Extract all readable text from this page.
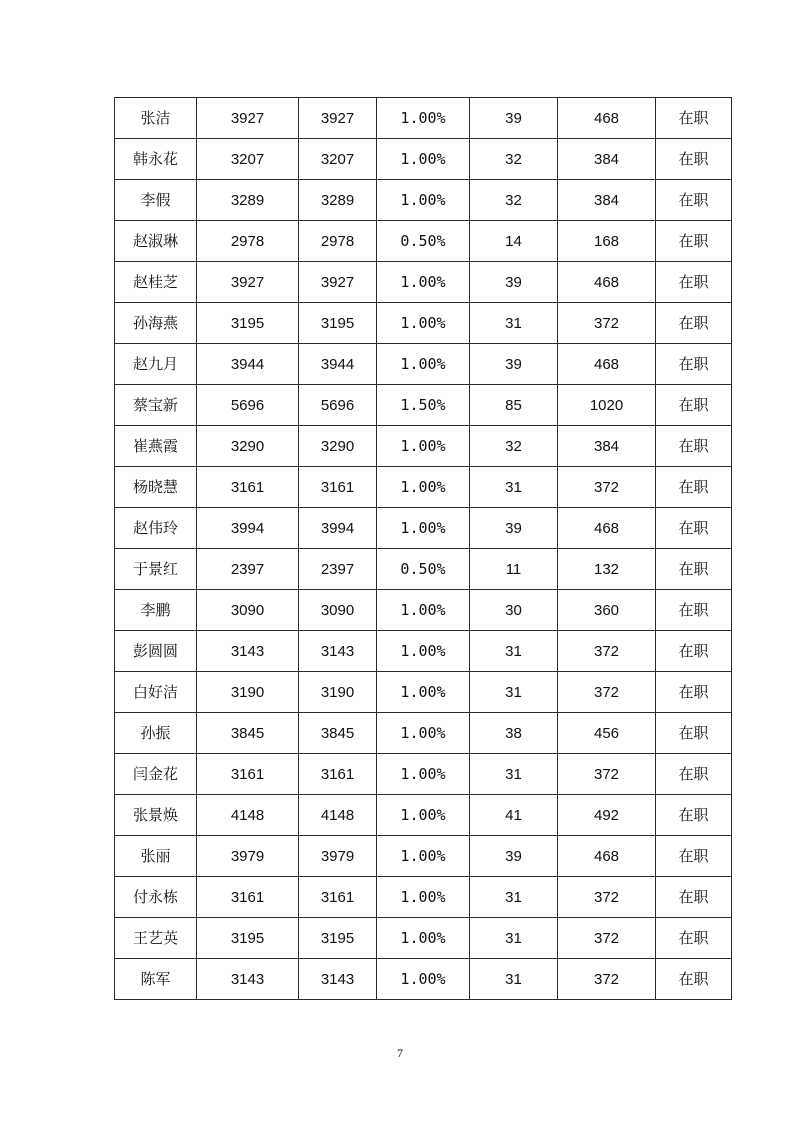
张洁	3927	3927	1.00%	39	468	在职
韩永花	3207	3207	1.00%	32	384	在职
李假	3289	3289	1.00%	32	384	在职
赵淑琳	2978	2978	0.50%	14	168	在职
赵桂芝	3927	3927	1.00%	39	468	在职
孙海燕	3195	3195	1.00%	31	372	在职
赵九月	3944	3944	1.00%	39	468	在职
蔡宝新	5696	5696	1.50%	85	1020	在职
崔燕霞	3290	3290	1.00%	32	384	在职
杨晓慧	3161	3161	1.00%	31	372	在职
赵伟玲	3994	3994	1.00%	39	468	在职
于景红	2397	2397	0.50%	11	132	在职
李鹏	3090	3090	1.00%	30	360	在职
彭圆圆	3143	3143	1.00%	31	372	在职
白好洁	3190	3190	1.00%	31	372	在职
孙振	3845	3845	1.00%	38	456	在职
闫金花	3161	3161	1.00%	31	372	在职
张景焕	4148	4148	1.00%	41	492	在职
张丽	3979	3979	1.00%	39	468	在职
付永栋	3161	3161	1.00%	31	372	在职
王艺英	3195	3195	1.00%	31	372	在职
陈军	3143	3143	1.00%	31	372	在职
7
